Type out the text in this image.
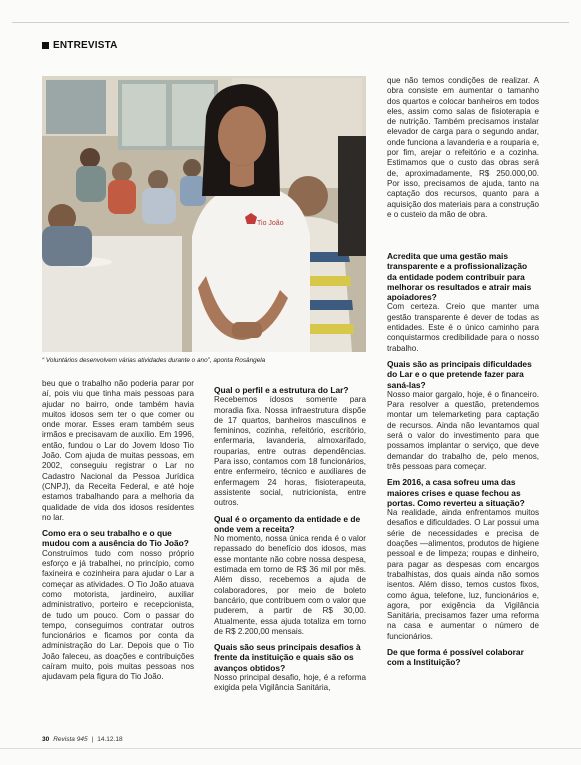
ENTREVISTA
Tio João
“ Voluntários desenvolvem várias atividades durante o ano”, aponta Rosângela

beu que o trabalho não poderia parar por aí, pois viu que tinha mais pessoas para ajudar no bairro, onde também havia muitos idosos sem ter o que comer ou onde morar. Esses eram também seus irmãos e precisavam de auxílio. Em 1996, então, fundou o Lar do Jovem Idoso Tio João. Com ajuda de muitas pessoas, em 2002, conseguiu registrar o Lar no Cadastro Nacional da Pessoa Jurídica (CNPJ), da Receita Federal, e até hoje estamos trabalhando para a melhoria da qualidade de vida dos idosos residentes no lar.

Como era o seu trabalho e o que mudou com a ausência do Tio João?

Construímos tudo com nosso próprio esforço e já trabalhei, no princípio, como faxineira e cozinheira para ajudar o Lar a começar as atividades. O Tio João atuava como motorista, jardineiro, auxiliar administrativo, porteiro e recepcionista, de tudo um pouco. Com o passar do tempo, conseguimos contratar outros funcionários e ficamos por conta da administração do Lar. Depois que o Tio João faleceu, as doações e contribuições caíram muito, pois muitas pessoas nos ajudavam pela figura do Tio João.

Qual o perfil e a estrutura do Lar?

Recebemos idosos somente para moradia fixa. Nossa infraestrutura dispõe de 17 quartos, banheiros masculinos e femininos, cozinha, refeitório, escritório, enfermaria, lavanderia, almoxarifado, rouparias, entre outras dependências. Para isso, contamos com 18 funcionários, entre enfermeiro, técnico e auxiliares de enfermagem 24 horas, fisioterapeuta, assistente social, nutricionista, entre outros.

Qual é o orçamento da entidade e de onde vem a receita?

No momento, nossa única renda é o valor repassado do benefício dos idosos, mas esse montante não cobre nossa despesa, estimada em torno de R$ 36 mil por mês. Além disso, recebemos a ajuda de colaboradores, por meio de boleto bancário, que contribuem com o valor que puderem, a partir de R$ 30,00. Atualmente, essa ajuda totaliza em torno de R$ 2.200,00 mensais.

Quais são seus principais desafios à frente da instituição e quais são os avanços obtidos?

Nosso principal desafio, hoje, é a reforma exigida pela Vigilância Sanitária,

que não temos condições de realizar. A obra consiste em aumentar o tamanho dos quartos e colocar banheiros em todos eles, assim como salas de fisioterapia e de nutrição. Também precisamos instalar elevador de carga para o segundo andar, onde funciona a lavanderia e a rouparia e, por fim, arejar o refeitório e a cozinha. Estimamos que o custo das obras será de, aproximadamente, R$ 250.000,00. Por isso, precisamos de ajuda, tanto na captação dos recursos, quanto para a aquisição dos materiais para a construção e o custeio da mão de obra.

Acredita que uma gestão mais transparente e a profissionalização da entidade podem contribuir para melhorar os resultados e atrair mais apoiadores?

Com certeza. Creio que manter uma gestão transparente é dever de todas as entidades. Este é o único caminho para conquistarmos credibilidade para o nosso trabalho.

Quais são as principais dificuldades do Lar e o que pretende fazer para saná-las?

Nosso maior gargalo, hoje, é o financeiro. Para resolver a questão, pretendemos montar um telemarketing para captação de recursos. Ainda não levantamos qual será o valor do investimento para que possamos implantar o serviço, que deve demandar do trabalho de, pelo menos, três pessoas para começar.

Em 2016, a casa sofreu uma das maiores crises e quase fechou as portas. Como reverteu a situação?

Na realidade, ainda enfrentamos muitos desafios e dificuldades. O Lar possui uma série de necessidades e precisa de doações —alimentos, produtos de higiene pessoal e de limpeza; roupas e dinheiro, para pagar as despesas com encargos trabalhistas, dos quais ainda não somos isentos. Além disso, temos custos fixos, como água, telefone, luz, funcionários e, agora, por exigência da Vigilância Sanitária, precisamos fazer uma reforma na casa e aumentar o número de funcionários.

De que forma é possível colaborar com a Instituição?
30 Revista 945 | 14.12.18
